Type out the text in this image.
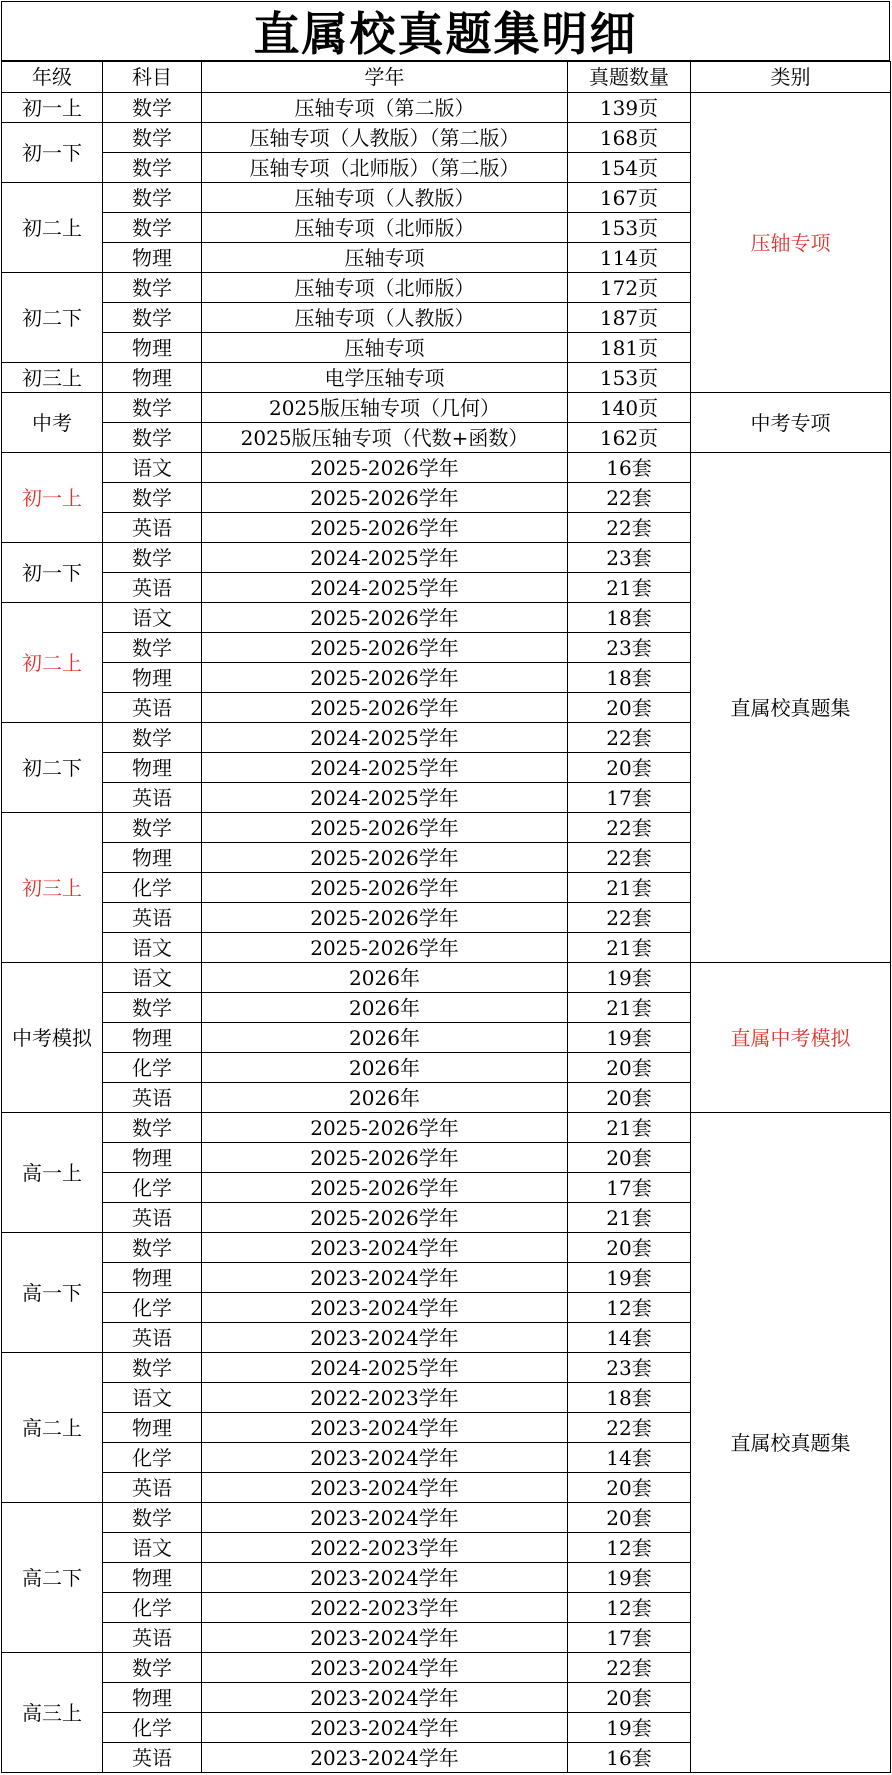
直属校真题集明细
年级	科目	学年	真题数量	类别
初一上	数学	压轴专项（第二版）	139页	压轴专项
初一下	数学	压轴专项（人教版）（第二版）	168页	
	数学	压轴专项（北师版）（第二版）	154页	
初二上	数学	压轴专项（人教版）	167页	
	数学	压轴专项（北师版）	153页	
	物理	压轴专项	114页	
初二下	数学	压轴专项（北师版）	172页	
	数学	压轴专项（人教版）	187页	
	物理	压轴专项	181页	
初三上	物理	电学压轴专项	153页	
中考	数学	2025版压轴专项（几何）	140页	中考专项
	数学	2025版压轴专项（代数+函数）	162页	
初一上	语文	2025-2026学年	16套	直属校真题集
	数学	2025-2026学年	22套	
	英语	2025-2026学年	22套	
初一下	数学	2024-2025学年	23套	
	英语	2024-2025学年	21套	
初二上	语文	2025-2026学年	18套	
	数学	2025-2026学年	23套	
	物理	2025-2026学年	18套	
	英语	2025-2026学年	20套	
初二下	数学	2024-2025学年	22套	
	物理	2024-2025学年	20套	
	英语	2024-2025学年	17套	
初三上	数学	2025-2026学年	22套	
	物理	2025-2026学年	22套	
	化学	2025-2026学年	21套	
	英语	2025-2026学年	22套	
	语文	2025-2026学年	21套	
中考模拟	语文	2026年	19套	直属中考模拟
	数学	2026年	21套	
	物理	2026年	19套	
	化学	2026年	20套	
	英语	2026年	20套	
高一上	数学	2025-2026学年	21套	直属校真题集
	物理	2025-2026学年	20套	
	化学	2025-2026学年	17套	
	英语	2025-2026学年	21套	
高一下	数学	2023-2024学年	20套	
	物理	2023-2024学年	19套	
	化学	2023-2024学年	12套	
	英语	2023-2024学年	14套	
高二上	数学	2024-2025学年	23套	
	语文	2022-2023学年	18套	
	物理	2023-2024学年	22套	
	化学	2023-2024学年	14套	
	英语	2023-2024学年	20套	
高二下	数学	2023-2024学年	20套	
	语文	2022-2023学年	12套	
	物理	2023-2024学年	19套	
	化学	2022-2023学年	12套	
	英语	2023-2024学年	17套	
高三上	数学	2023-2024学年	22套	
	物理	2023-2024学年	20套	
	化学	2023-2024学年	19套	
	英语	2023-2024学年	16套	
